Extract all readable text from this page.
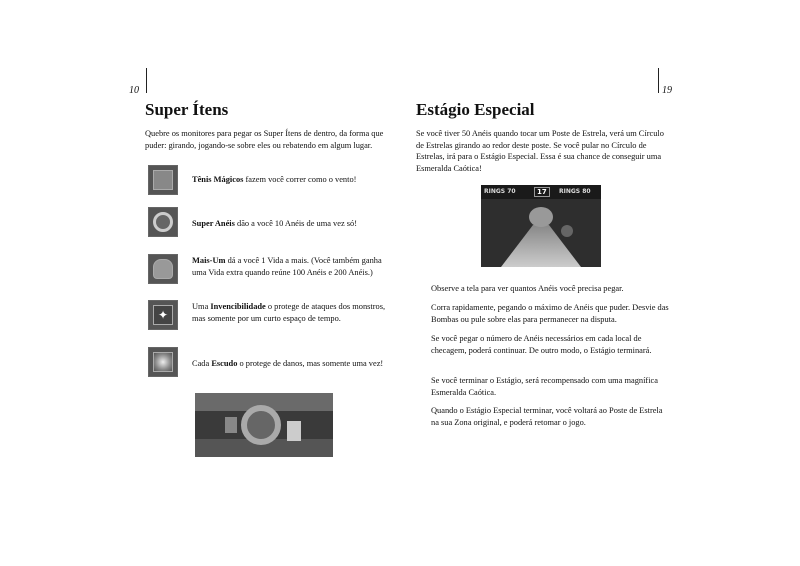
10
Super Ítens
Quebre os monitores para pegar os Super Ítens de dentro, da forma que puder: girando, jogando-se sobre eles ou rebatendo em algum lugar.
Tênis Mágicos fazem você correr como o vento!
Super Anéis dão a você 10 Anéis de uma vez só!
Mais-Um dá a você 1 Vida a mais. (Você também ganha uma Vida extra quando reúne 100 Anéis e 200 Anéis.)
✦
Uma Invencibilidade o protege de ataques dos monstros, mas somente por um curto espaço de tempo.
Cada Escudo o protege de danos, mas somente uma vez!
19
Estágio Especial
Se você tiver 50 Anéis quando tocar um Poste de Estrela, verá um Círculo de Estrelas girando ao redor deste poste. Se você pular no Círculo de Estrelas, irá para o Estágio Especial. Essa é sua chance de conseguir uma Esmeralda Caótica!
RINGS 70	17	RINGS 80
Observe a tela para ver quantos Anéis você precisa pegar.
Corra rapidamente, pegando o máximo de Anéis que puder. Desvie das Bombas ou pule sobre elas para permanecer na disputa.
Se você pegar o número de Anéis necessários em cada local de checagem, poderá continuar. De outro modo, o Estágio terminará.
Se você terminar o Estágio, será recompensado com uma magnífica Esmeralda Caótica.
Quando o Estágio Especial terminar, você voltará ao Poste de Estrela na sua Zona original, e poderá retomar o jogo.
